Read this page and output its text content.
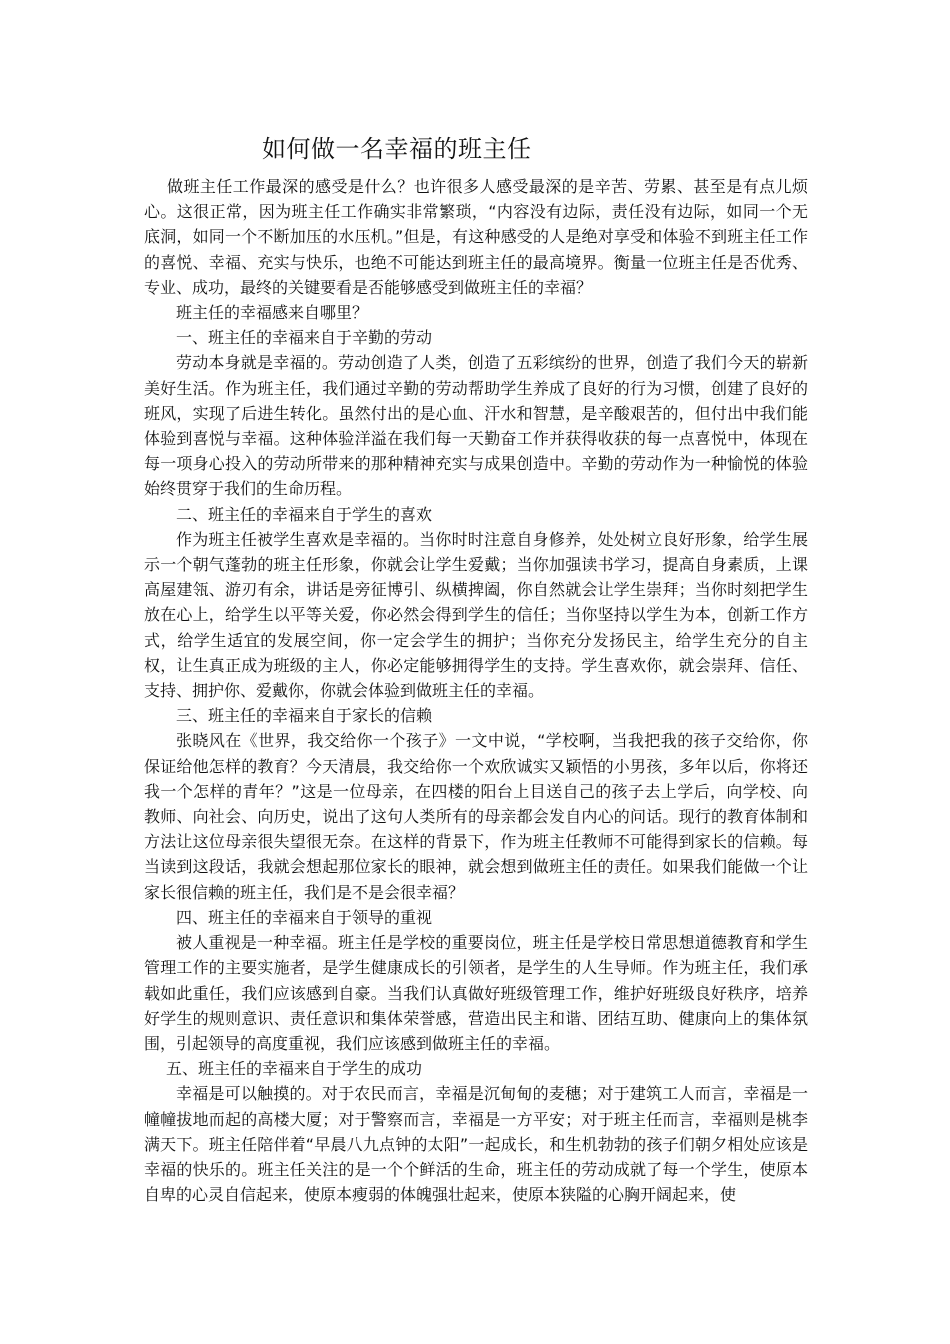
如何做一名幸福的班主任

做班主任工作最深的感受是什么？也许很多人感受最深的是辛苦、劳累、甚至是有点儿烦心。这很正常，因为班主任工作确实非常繁琐，“内容没有边际，责任没有边际，如同一个无底洞，如同一个不断加压的水压机。”但是，有这种感受的人是绝对享受和体验不到班主任工作的喜悦、幸福、充实与快乐，也绝不可能达到班主任的最高境界。衡量一位班主任是否优秀、专业、成功，最终的关键要看是否能够感受到做班主任的幸福？

班主任的幸福感来自哪里？

一、班主任的幸福来自于辛勤的劳动

劳动本身就是幸福的。劳动创造了人类，创造了五彩缤纷的世界，创造了我们今天的崭新美好生活。作为班主任，我们通过辛勤的劳动帮助学生养成了良好的行为习惯，创建了良好的班风，实现了后进生转化。虽然付出的是心血、汗水和智慧，是辛酸艰苦的，但付出中我们能体验到喜悦与幸福。这种体验洋溢在我们每一天勤奋工作并获得收获的每一点喜悦中，体现在每一项身心投入的劳动所带来的那种精神充实与成果创造中。辛勤的劳动作为一种愉悦的体验始终贯穿于我们的生命历程。

二、班主任的幸福来自于学生的喜欢

作为班主任被学生喜欢是幸福的。当你时时注意自身修养，处处树立良好形象，给学生展示一个朝气蓬勃的班主任形象，你就会让学生爱戴；当你加强读书学习，提高自身素质，上课高屋建瓴、游刃有余，讲话是旁征博引、纵横捭阖，你自然就会让学生崇拜；当你时刻把学生放在心上，给学生以平等关爱，你必然会得到学生的信任；当你坚持以学生为本，创新工作方式，给学生适宜的发展空间，你一定会学生的拥护；当你充分发扬民主，给学生充分的自主权，让生真正成为班级的主人，你必定能够拥得学生的支持。学生喜欢你，就会崇拜、信任、支持、拥护你、爱戴你，你就会体验到做班主任的幸福。

三、班主任的幸福来自于家长的信赖

张晓风在《世界，我交给你一个孩子》一文中说，“学校啊，当我把我的孩子交给你，你保证给他怎样的教育？今天清晨，我交给你一个欢欣诚实又颖悟的小男孩，多年以后，你将还我一个怎样的青年？”这是一位母亲，在四楼的阳台上目送自己的孩子去上学后，向学校、向教师、向社会、向历史，说出了这句人类所有的母亲都会发自内心的问话。现行的教育体制和方法让这位母亲很失望很无奈。在这样的背景下，作为班主任教师不可能得到家长的信赖。每当读到这段话，我就会想起那位家长的眼神，就会想到做班主任的责任。如果我们能做一个让家长很信赖的班主任，我们是不是会很幸福？

四、班主任的幸福来自于领导的重视

被人重视是一种幸福。班主任是学校的重要岗位，班主任是学校日常思想道德教育和学生管理工作的主要实施者，是学生健康成长的引领者，是学生的人生导师。作为班主任，我们承载如此重任，我们应该感到自豪。当我们认真做好班级管理工作，维护好班级良好秩序，培养好学生的规则意识、责任意识和集体荣誉感，营造出民主和谐、团结互助、健康向上的集体氛围，引起领导的高度重视，我们应该感到做班主任的幸福。

五、班主任的幸福来自于学生的成功

幸福是可以触摸的。对于农民而言，幸福是沉甸甸的麦穗；对于建筑工人而言，幸福是一幢幢拔地而起的高楼大厦；对于警察而言，幸福是一方平安；对于班主任而言，幸福则是桃李满天下。班主任陪伴着“早晨八九点钟的太阳”一起成长，和生机勃勃的孩子们朝夕相处应该是幸福的快乐的。班主任关注的是一个个鲜活的生命，班主任的劳动成就了每一个学生，使原本自卑的心灵自信起来，使原本瘦弱的体魄强壮起来，使原本狭隘的心胸开阔起来，使
